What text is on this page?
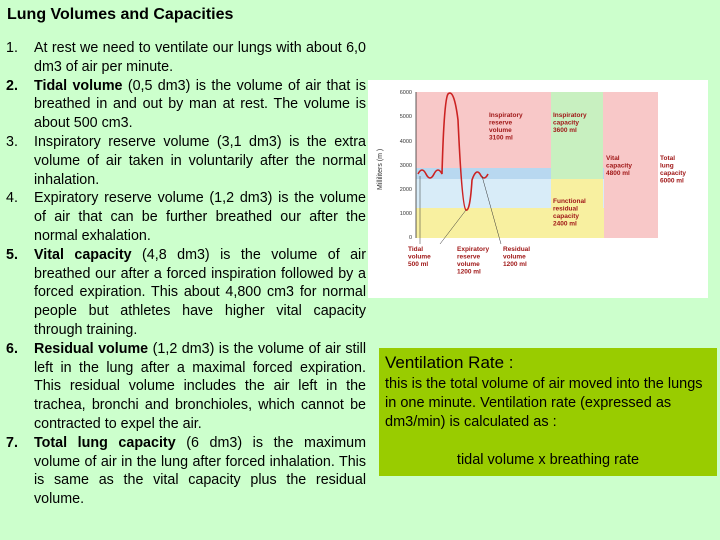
Lung Volumes and Capacities
1. At rest we need to ventilate our lungs with about 6,0 dm3 of air per minute.
2. Tidal volume (0,5 dm3) is the volume of air that is breathed in and out by man at rest. The volume is about 500 cm3.
3. Inspiratory reserve volume (3,1 dm3) is the extra volume of air taken in voluntarily after the normal inhalation.
4. Expiratory reserve volume (1,2 dm3) is the volume of air that can be further breathed our after the normal exhalation.
5. Vital capacity (4,8 dm3) is the volume of air breathed our after a forced inspiration followed by a forced expiration. This about 4,800 cm3 for normal people but athletes have higher vital capacity through training.
6. Residual volume (1,2 dm3) is the volume of air still left in the lung after a maximal forced expiration. This residual volume includes the air left in the trachea, bronchi and bronchioles, which cannot be contracted to expel the air.
7. Total lung capacity (6 dm3) is the maximum volume of air in the lung after forced inhalation. This is same as the vital capacity plus the residual volume.
6000
5000
4000
3000
2000
1000
0
Milliliters (m )
Inspiratory reserve volume 3100 ml
Inspiratory capacity 3600 ml
Vital capacity 4800 ml
Total lung capacity 6000 ml
Functional residual capacity 2400 ml
Tidal volume 500 ml
Expiratory reserve volume 1200 ml
Residual volume 1200 ml
Ventilation Rate :
this is the total volume of air moved into the lungs in one minute. Ventilation rate (expressed as dm3/min) is calculated as :
tidal volume x breathing rate
